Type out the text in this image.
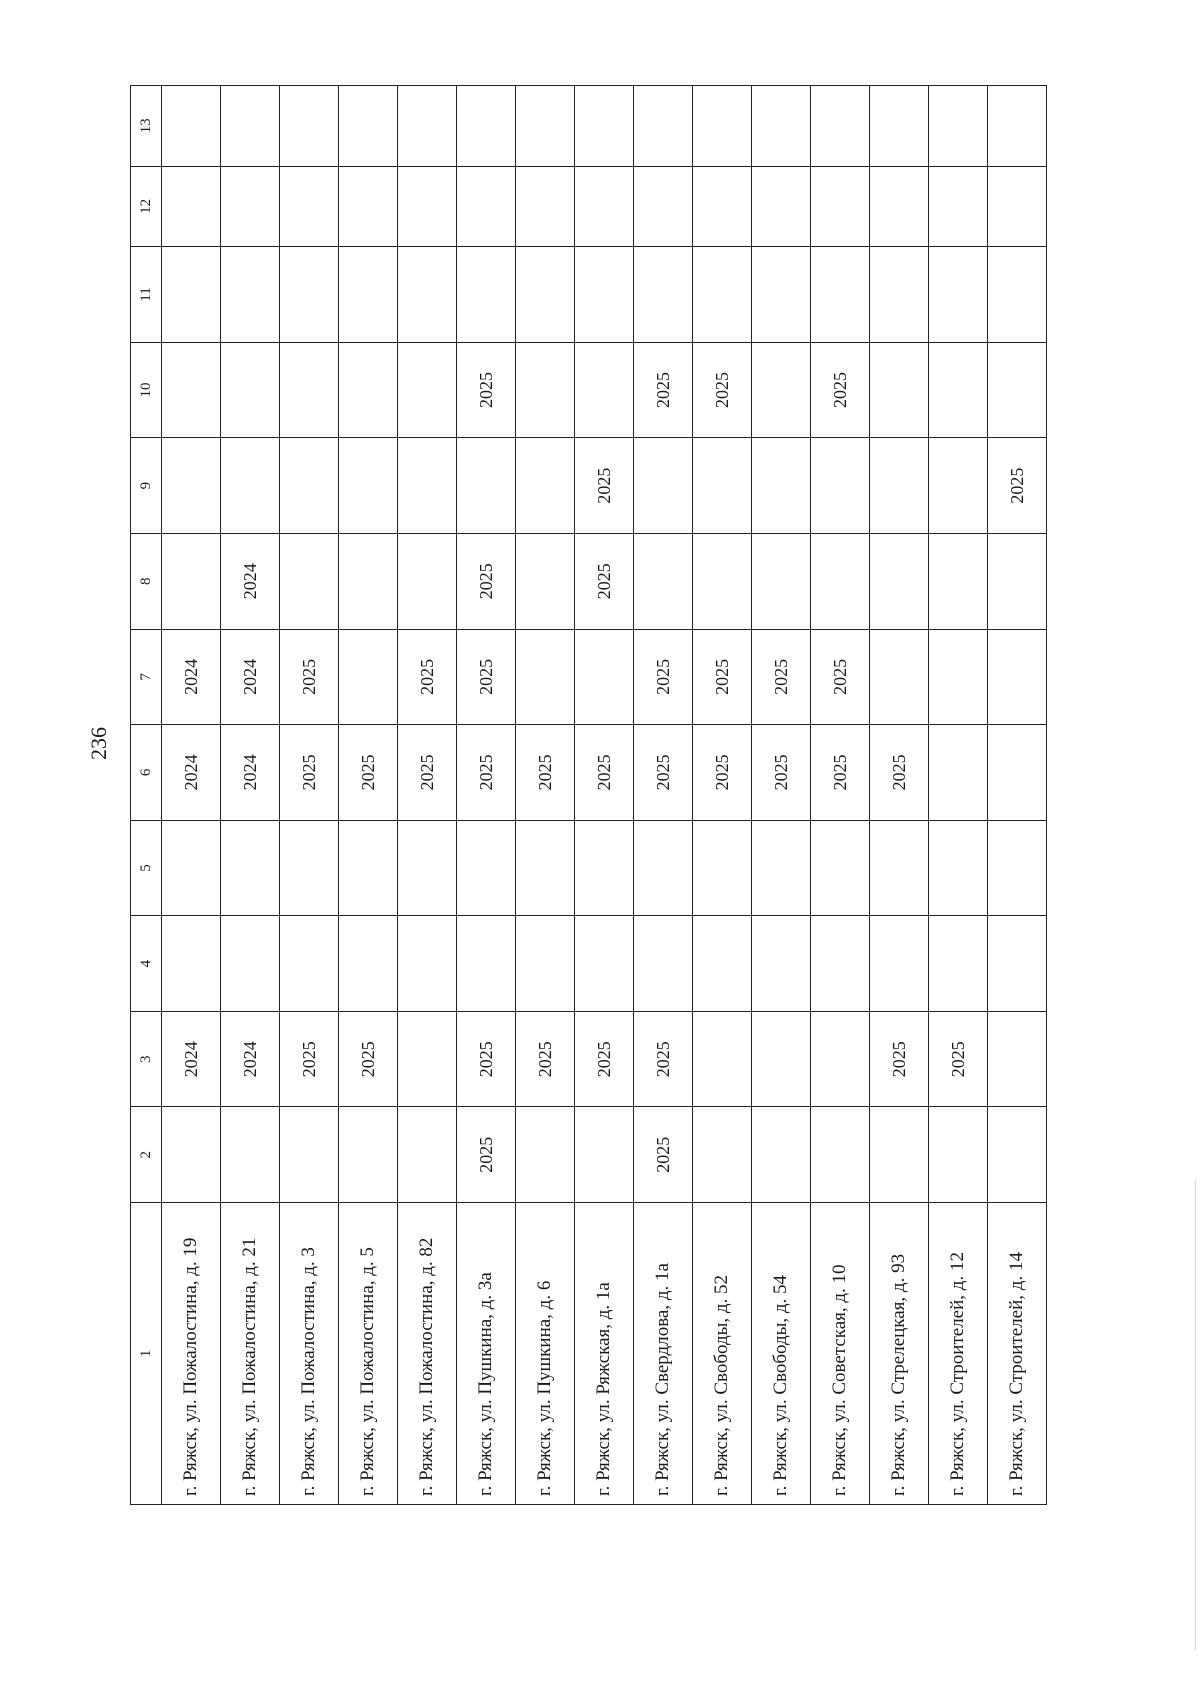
236
1	2	3	4	5	6	7	8	9	10	11	12	13
г. Ряжск, ул. Пожалостина, д. 19		2024			2024	2024						
г. Ряжск, ул. Пожалостина, д. 21		2024			2024	2024	2024					
г. Ряжск, ул. Пожалостина, д. 3		2025			2025	2025						
г. Ряжск, ул. Пожалостина, д. 5		2025			2025							
г. Ряжск, ул. Пожалостина, д. 82					2025	2025						
г. Ряжск, ул. Пушкина, д. 3а	2025	2025			2025	2025	2025		2025			
г. Ряжск, ул. Пушкина, д. 6		2025			2025							
г. Ряжск, ул. Ряжская, д. 1а		2025			2025		2025	2025				
г. Ряжск, ул. Свердлова, д. 1а	2025	2025			2025	2025			2025			
г. Ряжск, ул. Свободы, д. 52					2025	2025			2025			
г. Ряжск, ул. Свободы, д. 54					2025	2025						
г. Ряжск, ул. Советская, д. 10					2025	2025			2025			
г. Ряжск, ул. Стрелецкая, д. 93		2025			2025							
г. Ряжск, ул. Строителей, д. 12		2025										
г. Ряжск, ул. Строителей, д. 14								2025				
